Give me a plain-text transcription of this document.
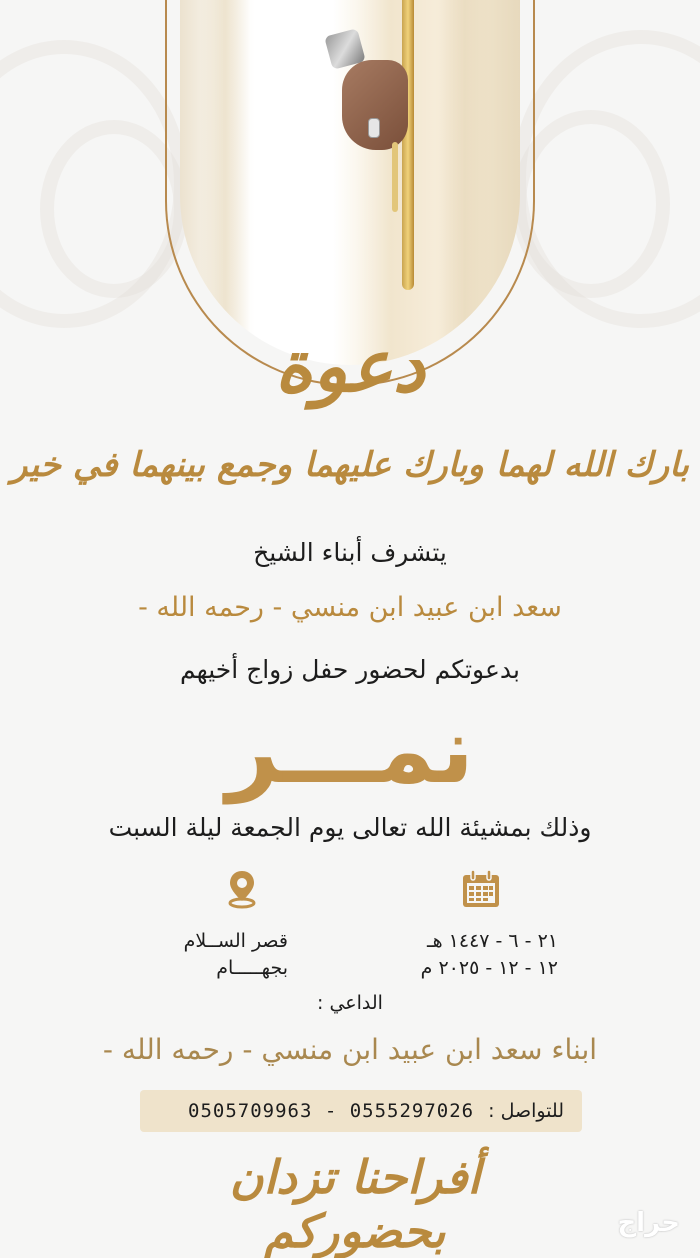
دعوة
بارك الله لهما وبارك عليهما وجمع بينهما في خير
يتشرف أبناء الشيخ
سعد ابن عبيد ابن منسي - رحمه الله -
بدعوتكم لحضور حفل زواج أخيهم
نمـــر
وذلك بمشيئة الله تعالى يوم الجمعة ليلة السبت
٢١ - ٦ - ١٤٤٧ هـ
١٢ - ١٢ - ٢٠٢٥ م
قصر الســلام
بجهـــــام
الداعي :
ابناء سعد ابن عبيد ابن منسي - رحمه الله -
للتواصل :
0505709963 - 0555297026
أفراحنا تزدان بحضوركم	حراج
